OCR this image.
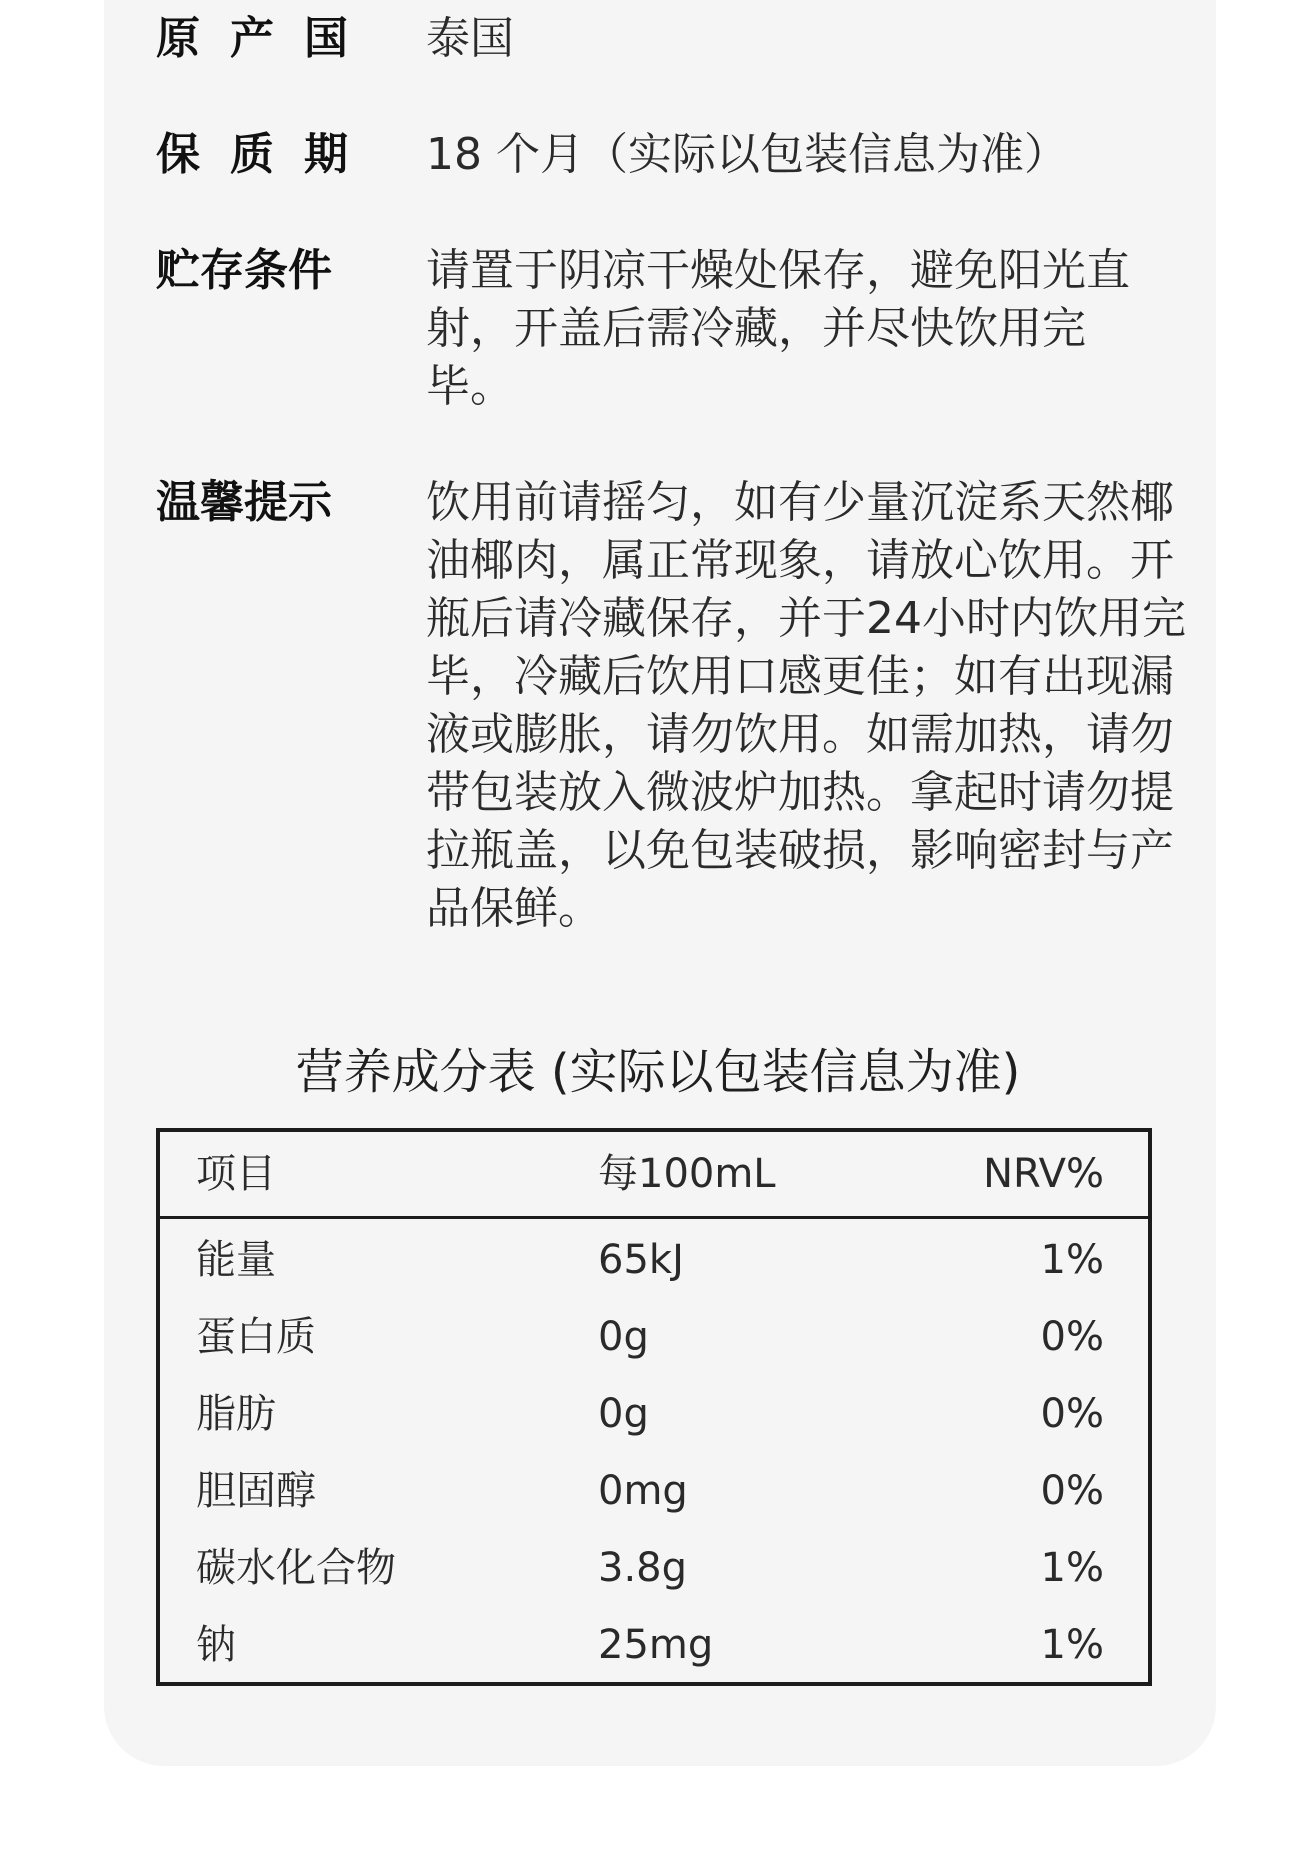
原产国	泰国
保质期	18 个月（实际以包装信息为准）
贮存条件	请置于阴凉干燥处保存，避免阳光直射，开盖后需冷藏，并尽快饮用完毕。
温馨提示	饮用前请摇匀，如有少量沉淀系天然椰油椰肉，属正常现象，请放心饮用。开瓶后请冷藏保存，并于24小时内饮用完毕，冷藏后饮用口感更佳；如有出现漏液或膨胀，请勿饮用。如需加热，请勿带包装放入微波炉加热。拿起时请勿提拉瓶盖，以免包装破损，影响密封与产品保鲜。
营养成分表 (实际以包装信息为准)
项目	每100mL	NRV%
能量	65kJ	1%
蛋白质	0g	0%
脂肪	0g	0%
胆固醇	0mg	0%
碳水化合物	3.8g	1%
钠	25mg	1%
